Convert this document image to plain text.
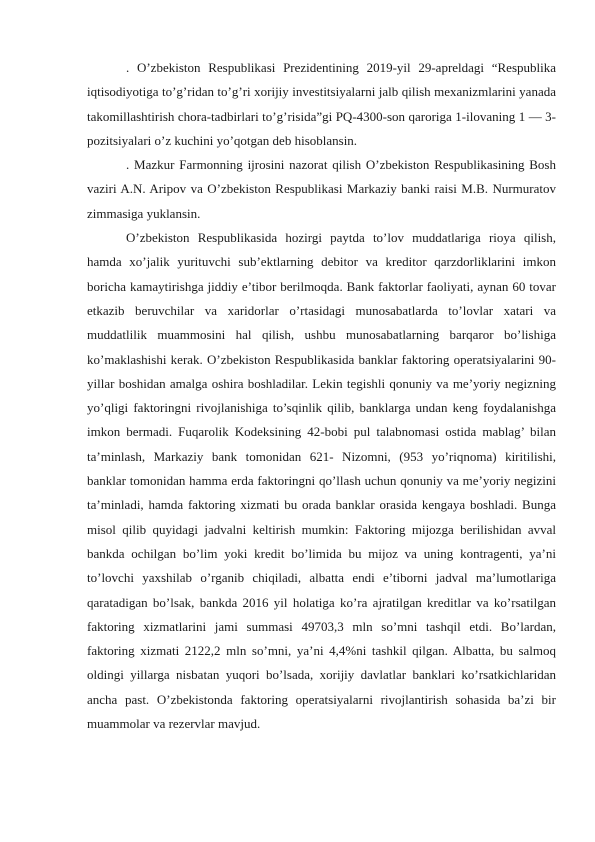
. O’zbekiston Respublikasi Prezidentining 2019-yil 29-apreldagi “Respublika iqtisodiyotiga to’g’ridan to’g’ri xorijiy investitsiyalarni jalb qilish mexanizmlarini yanada takomillashtirish chora-tadbirlari to’g’risida”gi PQ-4300-son qaroriga 1-ilovaning 1 — 3-pozitsiyalari o’z kuchini yo’qotgan deb hisoblansin.

. Mazkur Farmonning ijrosini nazorat qilish O’zbekiston Respublikasining Bosh vaziri A.N. Aripov va O’zbekiston Respublikasi Markaziy banki raisi M.B. Nurmuratov zimmasiga yuklansin.

O’zbekiston Respublikasida hozirgi paytda to’lov muddatlariga rioya qilish, hamda xo’jalik yurituvchi sub’ektlarning debitor va kreditor qarzdorliklarini imkon boricha kamaytirishga jiddiy e’tibor berilmoqda. Bank faktorlar faoliyati, aynan 60 tovar etkazib beruvchilar va xaridorlar o’rtasidagi munosabatlarda to’lovlar xatari va muddatlilik muammosini hal qilish, ushbu munosabatlarning barqaror bo’lishiga ko’maklashishi kerak. O’zbekiston Respublikasida banklar faktoring operatsiyalarini 90-yillar boshidan amalga oshira boshladilar. Lekin tegishli qonuniy va me’yoriy negizning yo’qligi faktoringni rivojlanishiga to’sqinlik qilib, banklarga undan keng foydalanishga imkon bermadi. Fuqarolik Kodeksining 42-bobi pul talabnomasi ostida mablag’ bilan ta’minlash, Markaziy bank tomonidan 621- Nizomni, (953 yo’riqnoma) kiritilishi, banklar tomonidan hamma erda faktoringni qo’llash uchun qonuniy va me’yoriy negizini ta’minladi, hamda faktoring xizmati bu orada banklar orasida kengaya boshladi. Bunga misol qilib quyidagi jadvalni keltirish mumkin: Faktoring mijozga berilishidan avval bankda ochilgan bo’lim yoki kredit bo’limida bu mijoz va uning kontragenti, ya’ni to’lovchi yaxshilab o’rganib chiqiladi, albatta endi e’tiborni jadval ma’lumotlariga qaratadigan bo’lsak, bankda 2016 yil holatiga ko’ra ajratilgan kreditlar va ko’rsatilgan faktoring xizmatlarini jami summasi 49703,3 mln so’mni tashqil etdi. Bo’lardan, faktoring xizmati 2122,2 mln so’mni, ya’ni 4,4%ni tashkil qilgan. Albatta, bu salmoq oldingi yillarga nisbatan yuqori bo’lsada, xorijiy davlatlar banklari ko’rsatkichlaridan ancha past. O’zbekistonda faktoring operatsiyalarni rivojlantirish sohasida ba’zi bir muammolar va rezervlar mavjud.
